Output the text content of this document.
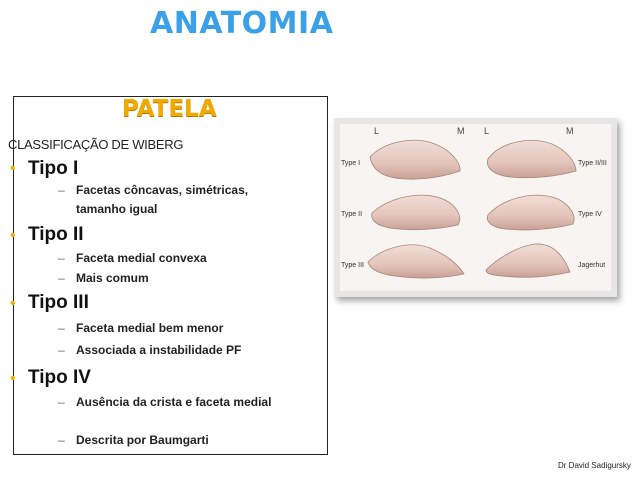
ANATOMIA
PATELA
CLASSIFICAÇÃO DE WIBERG
• Tipo I
– Facetas côncavas, simétricas, tamanho igual
• Tipo II
– Faceta medial convexa
– Mais comum
• Tipo III
– Faceta medial bem menor
– Associada a instabilidade PF
• Tipo IV
– Ausência da crista e faceta medial
– Descrita por Baumgarti
L	M L	M
Type I
Type II
Type III
Type II/III
Type IV
Jagerhut
Dr David Sadigursky
